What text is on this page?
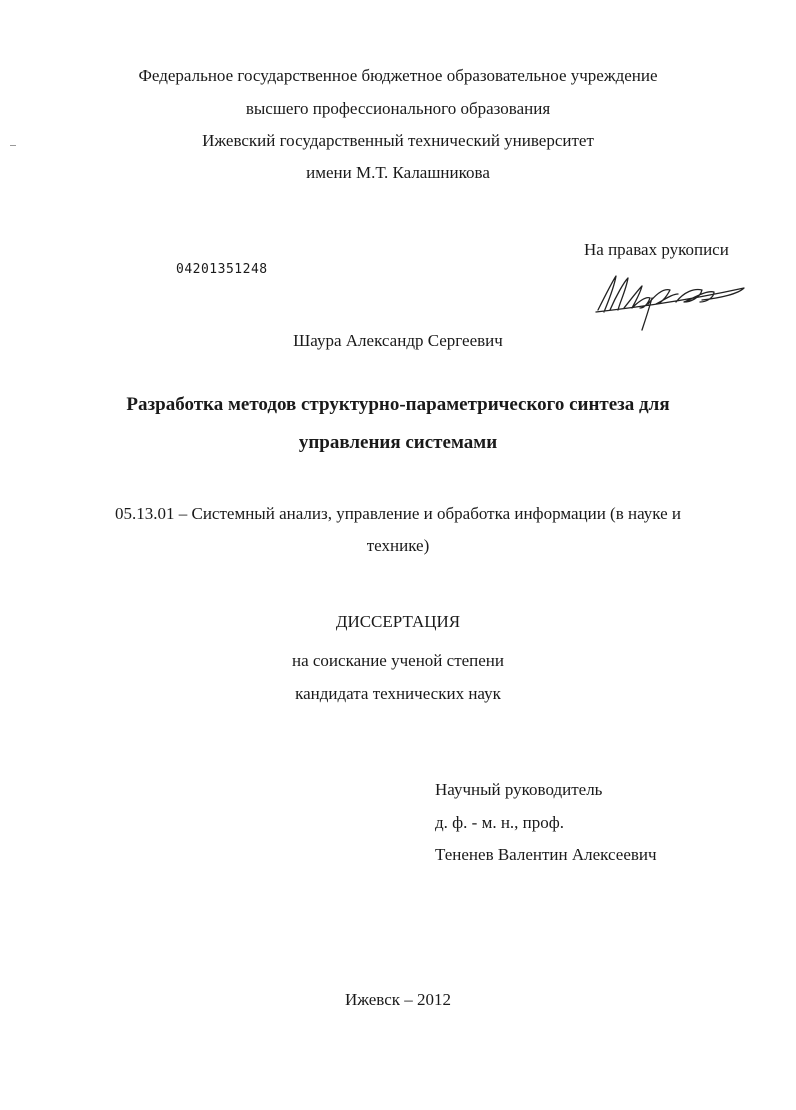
Федеральное государственное бюджетное образовательное учреждение
высшего профессионального образования
Ижевский государственный технический университет
имени М.Т. Калашникова
На правах рукописи
04201351248
Шаура Александр Сергеевич
Разработка методов структурно-параметрического синтеза для
управления системами
05.13.01 – Системный анализ, управление и обработка информации (в науке и
технике)
ДИССЕРТАЦИЯ
на соискание ученой степени
кандидата технических наук
Научный руководитель
д. ф. - м. н., проф.
Тененев Валентин Алексеевич
Ижевск – 2012
